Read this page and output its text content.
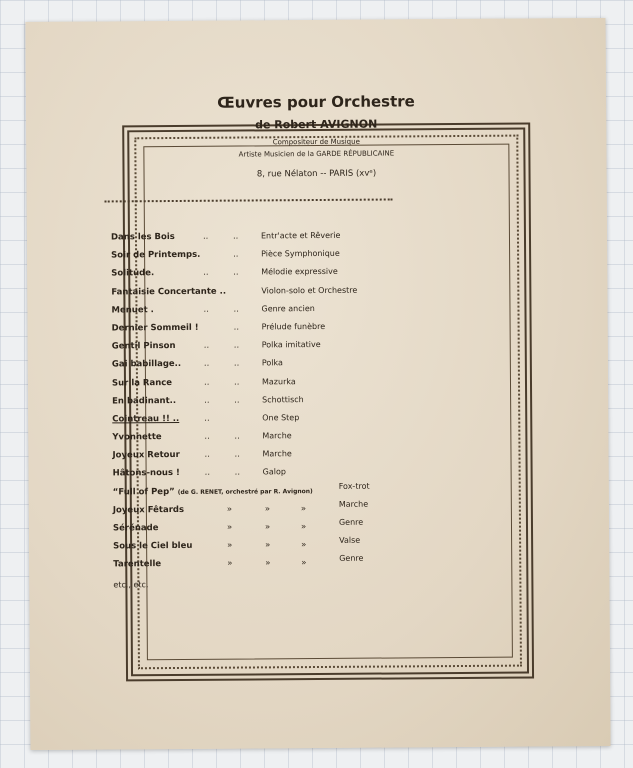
Œuvres pour Orchestre
de Robert AVIGNON
Compositeur de Musique
Artiste Musicien de la GARDE RÉPUBLICAINE
8, rue Nélaton -- PARIS (xvᵉ)
Dans les Bois	..	..	Entr'acte et Rêverie
Soir de Printemps.	..	Pièce Symphonique
Solitude.	..	..	Mélodie expressive
Fantaisie Concertante ..	Violon-solo et Orchestre
Menuet .	..	..	Genre ancien
Dernier Sommeil !	..	Prélude funèbre
Gentil Pinson	..	..	Polka imitative
Gai babillage..	..	..	Polka
Sur la Rance	..	..	Mazurka
En badinant..	..	..	Schottisch
Cointreau !! ..	..	One Step
Yvonnette	..	..	Marche
Joyeux Retour	..	..	Marche
Hâtons-nous !	..	..	Galop
“Full of Pep” (de G. RENET, orchestré par R. Avignon)
Fox-trot
Joyeux Fêtards	»	»	»	Marche
Sérénade	»	»	»	Genre
Sous le Ciel bleu	»	»	»	Valse
Tarentelle	»	»	»	Genre
etc., etc.
